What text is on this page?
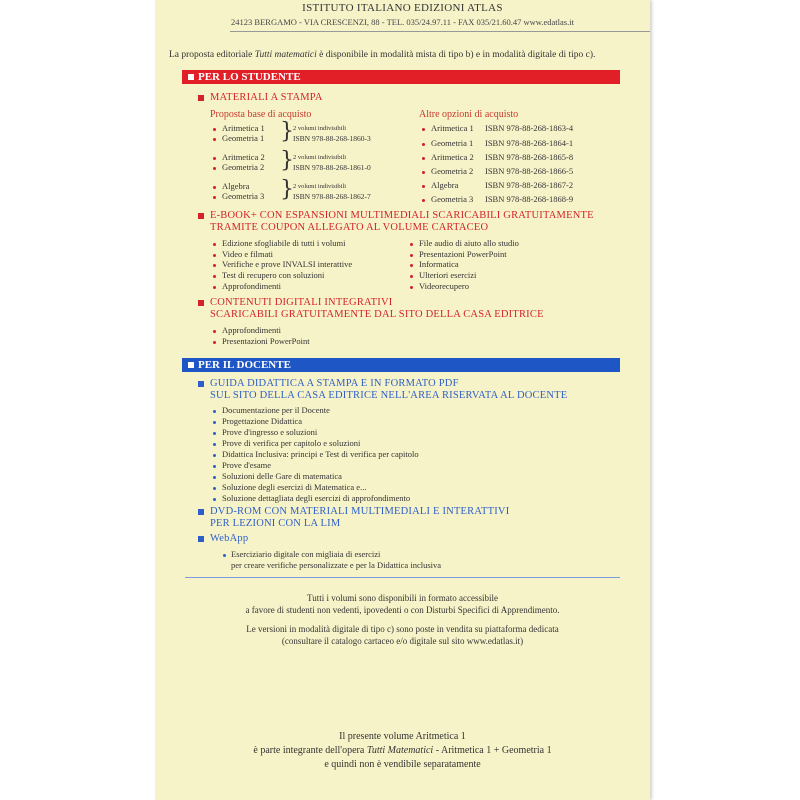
ISTITUTO ITALIANO EDIZIONI ATLAS
24123 BERGAMO - VIA CRESCENZI, 88 - TEL. 035/24.97.11 - FAX 035/21.60.47 www.edatlas.it
La proposta editoriale Tutti matematici è disponibile in modalità mista di tipo b) e in modalità digitale di tipo c).
PER LO STUDENTE
MATERIALI A STAMPA
Proposta base di acquisto	Altre opzioni di acquisto
Aritmetica 1
Geometria 1 } 2 volumi indivisibili
ISBN 978-88-268-1860-3
Aritmetica 2
Geometria 2 } 2 volumi indivisibili
ISBN 978-88-268-1861-0
Algebra
Geometria 3 } 2 volumi indivisibili
ISBN 978-88-268-1862-7
Aritmetica 1 ISBN 978-88-268-1863-4
Geometria 1 ISBN 978-88-268-1864-1
Aritmetica 2 ISBN 978-88-268-1865-8
Geometria 2 ISBN 978-88-268-1866-5
Algebra	ISBN 978-88-268-1867-2
Geometria 3 ISBN 978-88-268-1868-9
E-BOOK+ CON ESPANSIONI MULTIMEDIALI SCARICABILI GRATUITAMENTE
TRAMITE COUPON ALLEGATO AL VOLUME CARTACEO
Edizione sfogliabile di tutti i volumi
Video e filmati
Verifiche e prove INVALSI interattive
Test di recupero con soluzioni
Approfondimenti
File audio di aiuto allo studio
Presentazioni PowerPoint
Informatica
Ulteriori esercizi
Videorecupero
CONTENUTI DIGITALI INTEGRATIVI
SCARICABILI GRATUITAMENTE DAL SITO DELLA CASA EDITRICE
Approfondimenti
Presentazioni PowerPoint
PER IL DOCENTE
GUIDA DIDATTICA A STAMPA E IN FORMATO PDF
SUL SITO DELLA CASA EDITRICE NELL'AREA RISERVATA AL DOCENTE
Documentazione per il Docente
Progettazione Didattica
Prove d'ingresso e soluzioni
Prove di verifica per capitolo e soluzioni
Didattica Inclusiva: principi e Test di verifica per capitolo
Prove d'esame
Soluzioni delle Gare di matematica
Soluzione degli esercizi di Matematica e...
Soluzione dettagliata degli esercizi di approfondimento
DVD-ROM CON MATERIALI MULTIMEDIALI E INTERATTIVI
PER LEZIONI CON LA LIM
WebApp
Eserciziario digitale con migliaia di esercizi
per creare verifiche personalizzate e per la Didattica inclusiva
Tutti i volumi sono disponibili in formato accessibile
a favore di studenti non vedenti, ipovedenti o con Disturbi Specifici di Apprendimento.
Le versioni in modalità digitale di tipo c) sono poste in vendita su piattaforma dedicata
(consultare il catalogo cartaceo e/o digitale sul sito www.edatlas.it)
Il presente volume Aritmetica 1
è parte integrante dell'opera Tutti Matematici - Aritmetica 1 + Geometria 1
e quindi non è vendibile separatamente
